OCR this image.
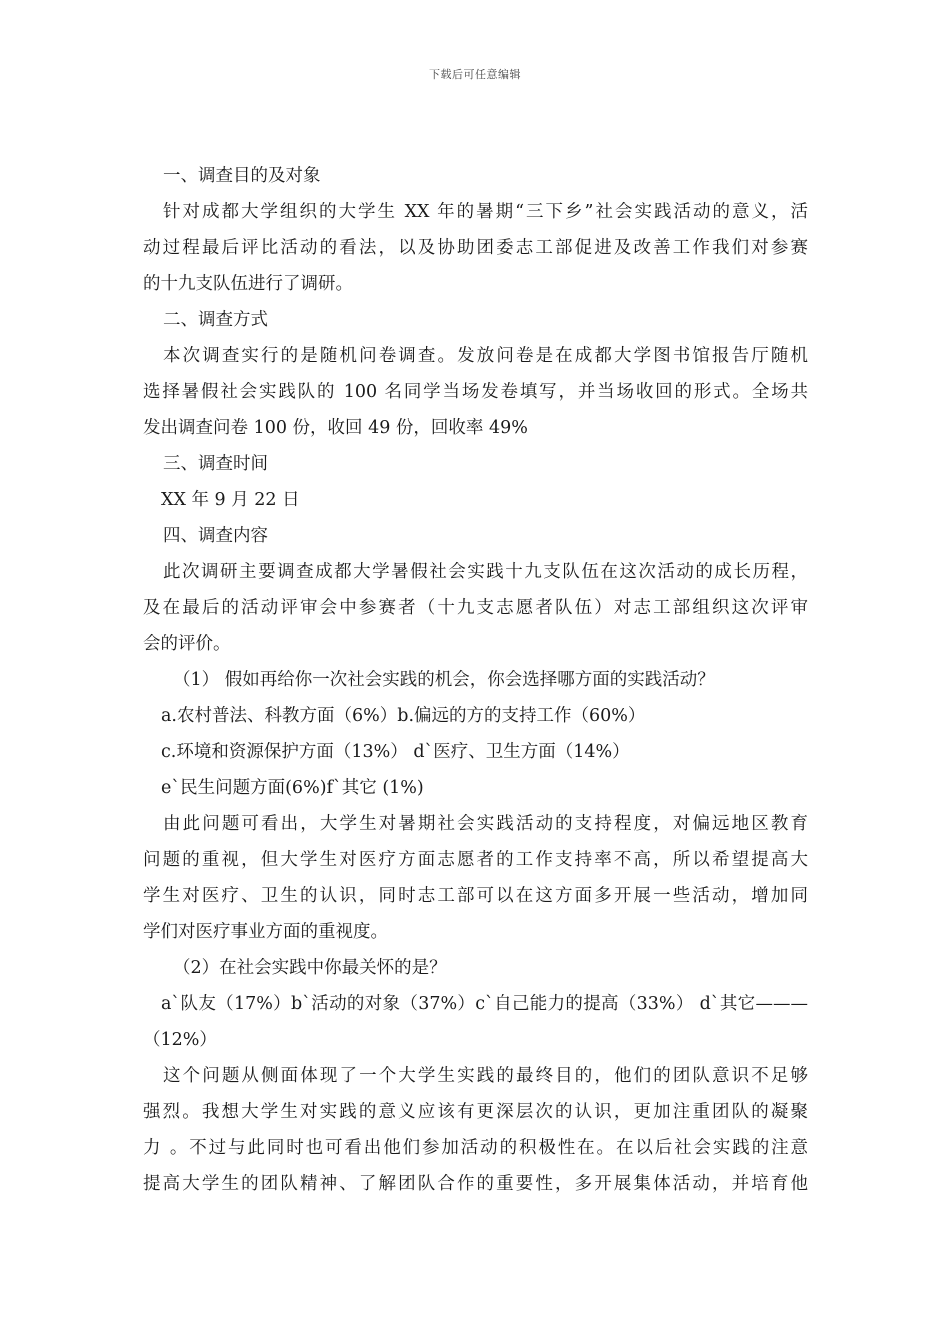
下载后可任意编辑
一、调查目的及对象
针对成都大学组织的大学生 XX 年的暑期“三下乡”社会实践活动的意义，活
动过程最后评比活动的看法，以及协助团委志工部促进及改善工作我们对参赛
的十九支队伍进行了调研。
二、调查方式
本次调查实行的是随机问卷调查。发放问卷是在成都大学图书馆报告厅随机
选择暑假社会实践队的 100 名同学当场发卷填写，并当场收回的形式。全场共
发出调查问卷 100 份，收回 49 份，回收率 49%
三、调查时间
XX 年 9 月 22 日
四、调查内容
此次调研主要调查成都大学暑假社会实践十九支队伍在这次活动的成长历程，
及在最后的活动评审会中参赛者（十九支志愿者队伍）对志工部组织这次评审
会的评价。
（1） 假如再给你一次社会实践的机会，你会选择哪方面的实践活动？
a.农村普法、科教方面（6%）b.偏远的方的支持工作（60%）
c.环境和资源保护方面（13%） d`医疗、卫生方面（14%）
e`民生问题方面(6%)f`其它 (1%)
由此问题可看出，大学生对暑期社会实践活动的支持程度，对偏远地区教育
问题的重视，但大学生对医疗方面志愿者的工作支持率不高，所以希望提高大
学生对医疗、卫生的认识，同时志工部可以在这方面多开展一些活动，增加同
学们对医疗事业方面的重视度。
（2）在社会实践中你最关怀的是？
a`队友（17%）b`活动的对象（37%）c`自己能力的提高（33%） d`其它———
（12%）
这个问题从侧面体现了一个大学生实践的最终目的，他们的团队意识不足够
强烈。我想大学生对实践的意义应该有更深层次的认识，更加注重团队的凝聚
力 。不过与此同时也可看出他们参加活动的积极性在。在以后社会实践的注意
提高大学生的团队精神、了解团队合作的重要性，多开展集体活动，并培育他
